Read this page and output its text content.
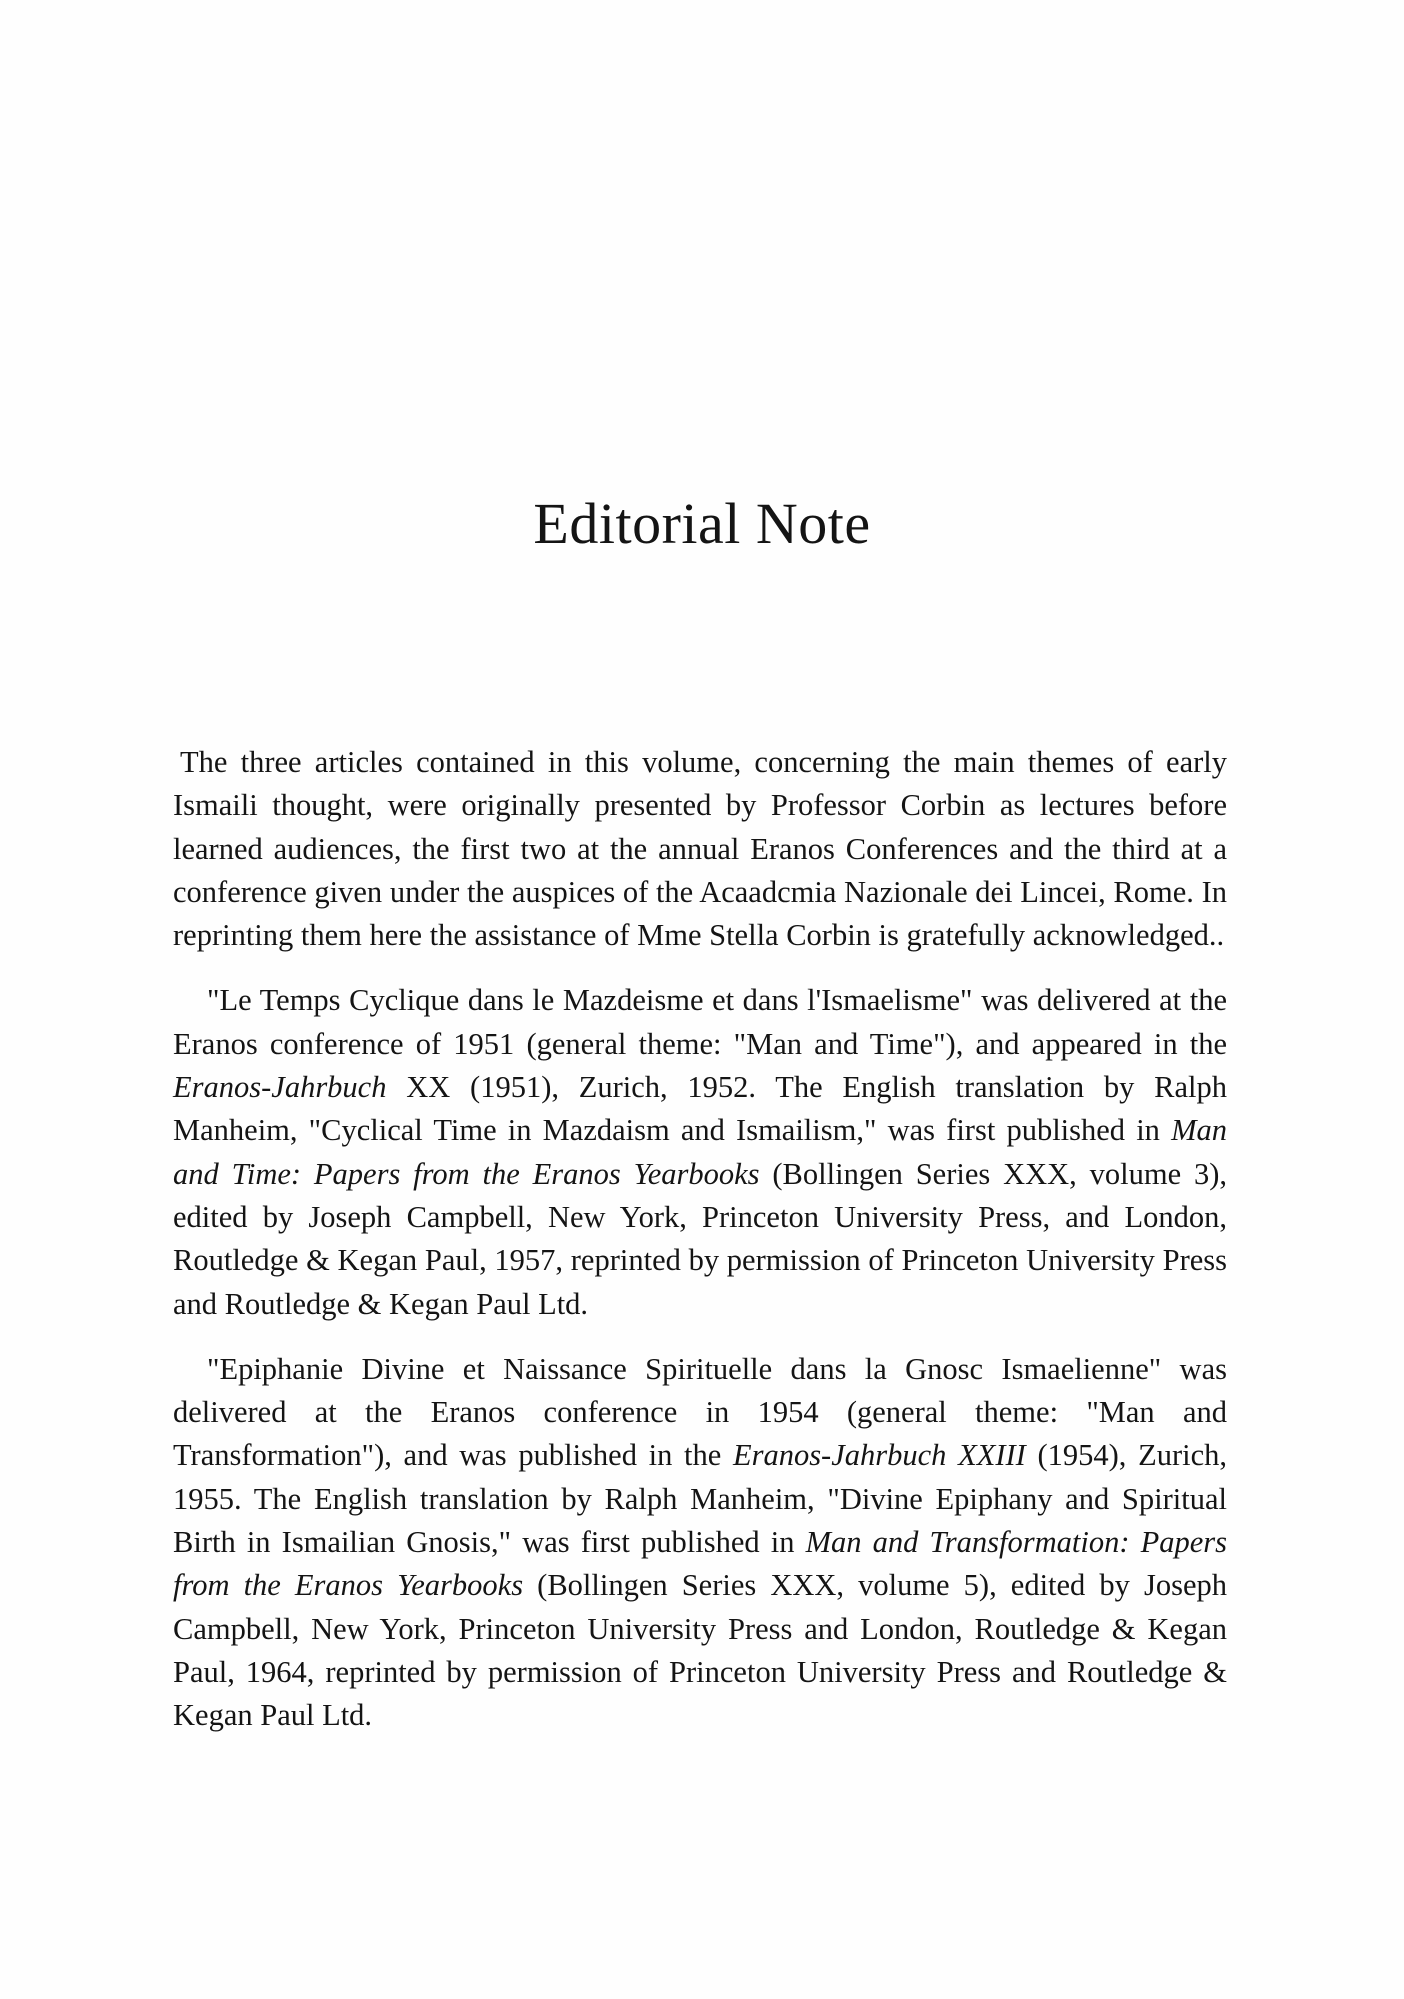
Editorial Note

The three articles contained in this volume, concerning the main themes of early Ismaili thought, were originally presented by Professor Corbin as lectures before learned audiences, the first two at the annual Eranos Conferences and the third at a conference given under the auspices of the Acaadcmia Nazionale dei Lincei, Rome. In reprinting them here the assistance of Mme Stella Corbin is gratefully acknowledged..

"Le Temps Cyclique dans le Mazdeisme et dans l'Ismaelisme" was delivered at the Eranos conference of 1951 (general theme: "Man and Time"), and appeared in the Eranos-Jahrbuch XX (1951), Zurich, 1952. The English translation by Ralph Manheim, "Cyclical Time in Mazdaism and Ismailism," was first published in Man and Time: Papers from the Eranos Yearbooks (Bollingen Series XXX, volume 3), edited by Joseph Campbell, New York, Princeton University Press, and London, Routledge & Kegan Paul, 1957, reprinted by permission of Princeton University Press and Routledge & Kegan Paul Ltd.

"Epiphanie Divine et Naissance Spirituelle dans la Gnosc Ismaelienne" was delivered at the Eranos conference in 1954 (general theme: "Man and Transformation"), and was published in the Eranos-Jahrbuch XXIII (1954), Zurich, 1955. The English translation by Ralph Manheim, "Divine Epiphany and Spiritual Birth in Ismailian Gnosis," was first published in Man and Transformation: Papers from the Eranos Yearbooks (Bollingen Series XXX, volume 5), edited by Joseph Campbell, New York, Princeton University Press and London, Routledge & Kegan Paul, 1964, reprinted by permission of Princeton University Press and Routledge & Kegan Paul Ltd.
